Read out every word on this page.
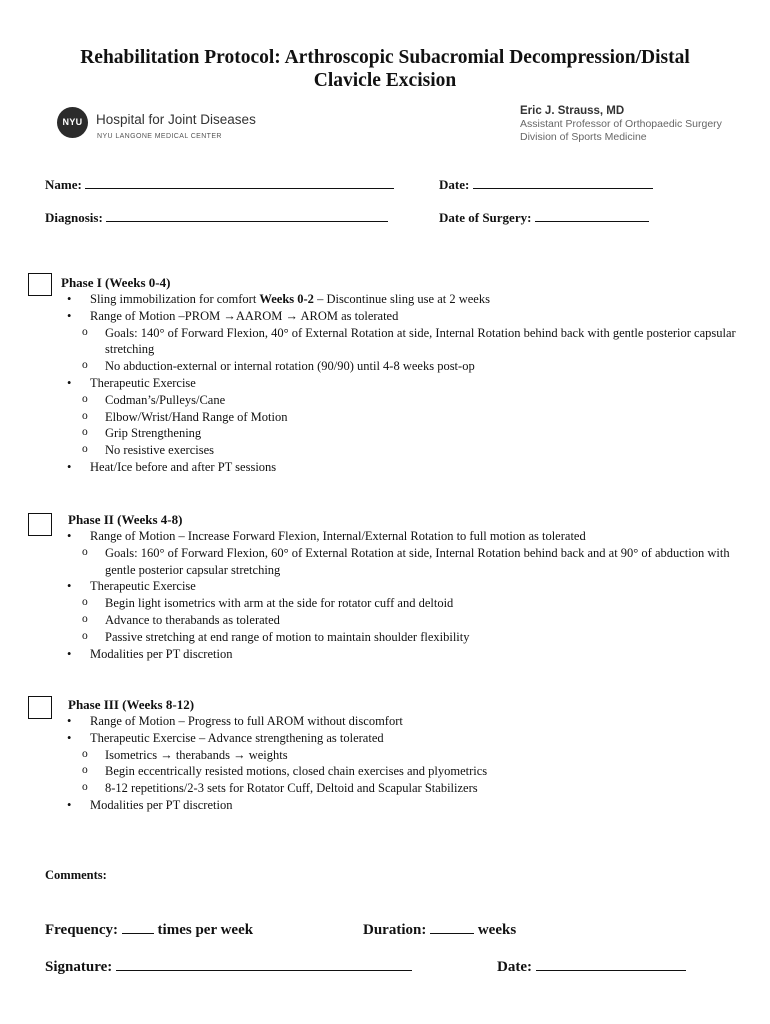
Rehabilitation Protocol: Arthroscopic Subacromial Decompression/Distal
Clavicle Excision
NYU	Hospital for Joint Diseases
NYU LANGONE MEDICAL CENTER
Eric J. Strauss, MD
Assistant Professor of Orthopaedic Surgery
Division of Sports Medicine
Name:	Date:
Diagnosis:	Date of Surgery:
Phase I (Weeks 0-4)
• Sling immobilization for comfort Weeks 0-2 – Discontinue sling use at 2 weeks
• Range of Motion –PROM →AAROM → AROM as tolerated
o Goals: 140° of Forward Flexion, 40° of External Rotation at side, Internal Rotation behind back with gentle posterior capsular stretching
o No abduction-external or internal rotation (90/90) until 4-8 weeks post-op
• Therapeutic Exercise
o Codman’s/Pulleys/Cane
o Elbow/Wrist/Hand Range of Motion
o Grip Strengthening
o No resistive exercises
• Heat/Ice before and after PT sessions
Phase II (Weeks 4-8)
• Range of Motion – Increase Forward Flexion, Internal/External Rotation to full motion as tolerated
o Goals: 160° of Forward Flexion, 60° of External Rotation at side, Internal Rotation behind back and at 90° of abduction with gentle posterior capsular stretching
• Therapeutic Exercise
o Begin light isometrics with arm at the side for rotator cuff and deltoid
o Advance to therabands as tolerated
o Passive stretching at end range of motion to maintain shoulder flexibility
• Modalities per PT discretion
Phase III (Weeks 8-12)
• Range of Motion – Progress to full AROM without discomfort
• Therapeutic Exercise – Advance strengthening as tolerated
o Isometrics → therabands → weights
o Begin eccentrically resisted motions, closed chain exercises and plyometrics
o 8-12 repetitions/2-3 sets for Rotator Cuff, Deltoid and Scapular Stabilizers
• Modalities per PT discretion
Comments:
Frequency:	times per week	Duration:	weeks
Signature:	Date:
